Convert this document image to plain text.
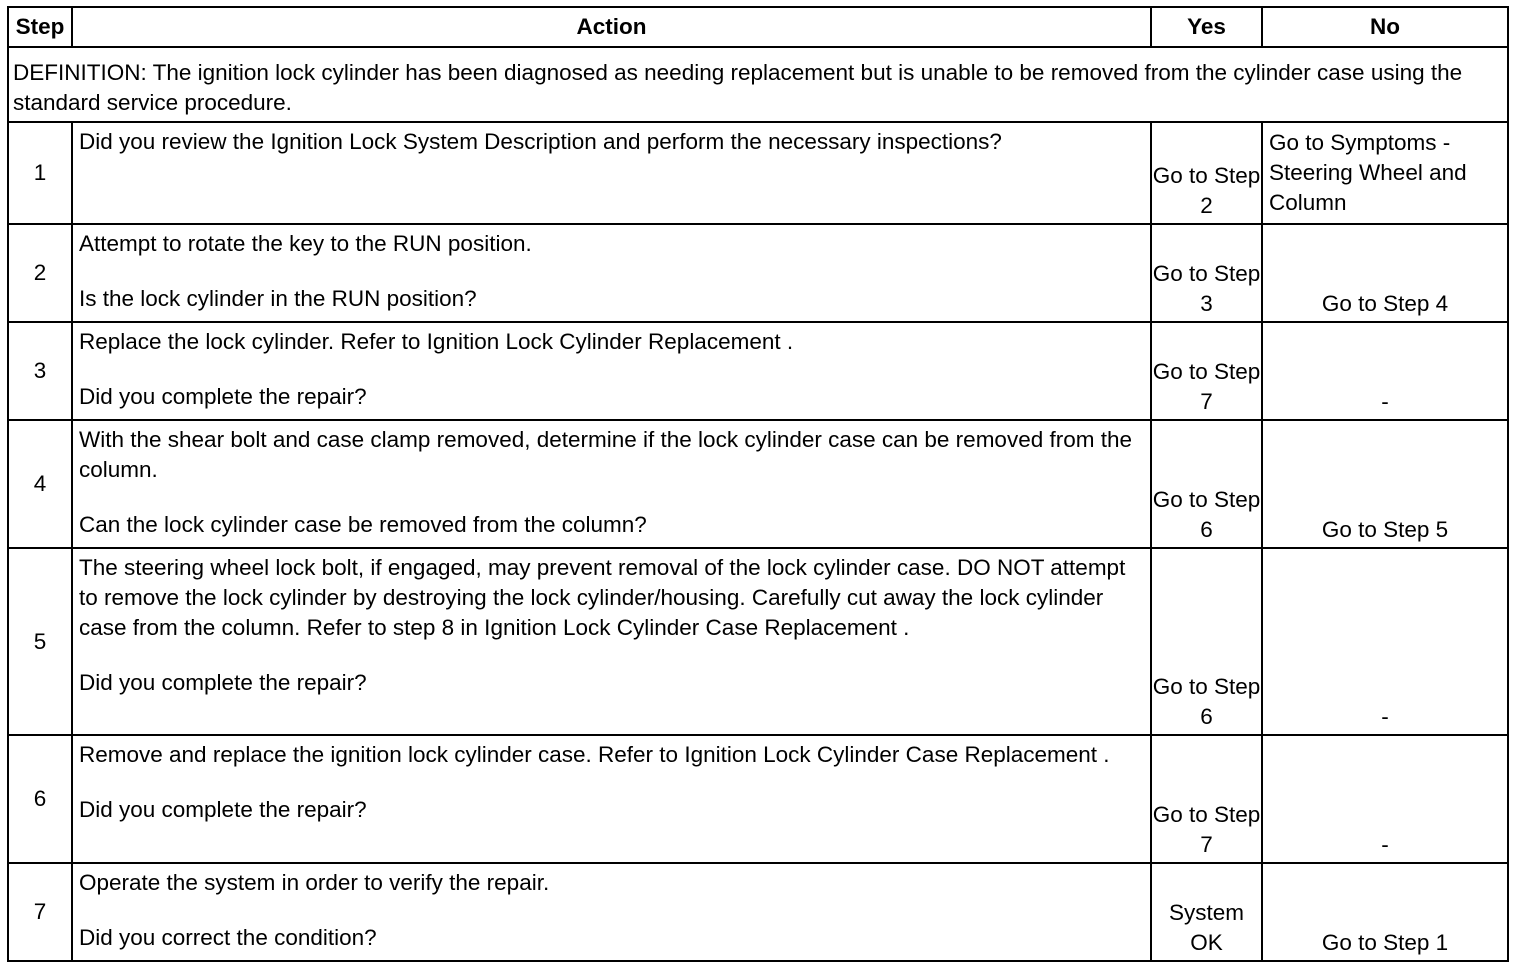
Step	Action	Yes	No
DEFINITION: The ignition lock cylinder has been diagnosed as needing replacement but is unable to be removed from the cylinder case using the standard service procedure.			
1	Did you review the Ignition Lock System Description and perform the necessary inspections?	Go to Step 2	Go to Symptoms - Steering Wheel and Column
2	Attempt to rotate the key to the RUN position.

Is the lock cylinder in the RUN position?	Go to Step 3	Go to Step 4
3	Replace the lock cylinder. Refer to Ignition Lock Cylinder Replacement .

Did you complete the repair?	Go to Step 7	-
4	With the shear bolt and case clamp removed, determine if the lock cylinder case can be removed from the column.

Can the lock cylinder case be removed from the column?	Go to Step 6	Go to Step 5
5	The steering wheel lock bolt, if engaged, may prevent removal of the lock cylinder case. DO NOT attempt to remove the lock cylinder by destroying the lock cylinder/housing. Carefully cut away the lock cylinder case from the column. Refer to step 8 in Ignition Lock Cylinder Case Replacement .

Did you complete the repair?	Go to Step 6	-
6	Remove and replace the ignition lock cylinder case. Refer to Ignition Lock Cylinder Case Replacement .

Did you complete the repair?	Go to Step 7	-
7	Operate the system in order to verify the repair.

Did you correct the condition?	System OK	Go to Step 1
